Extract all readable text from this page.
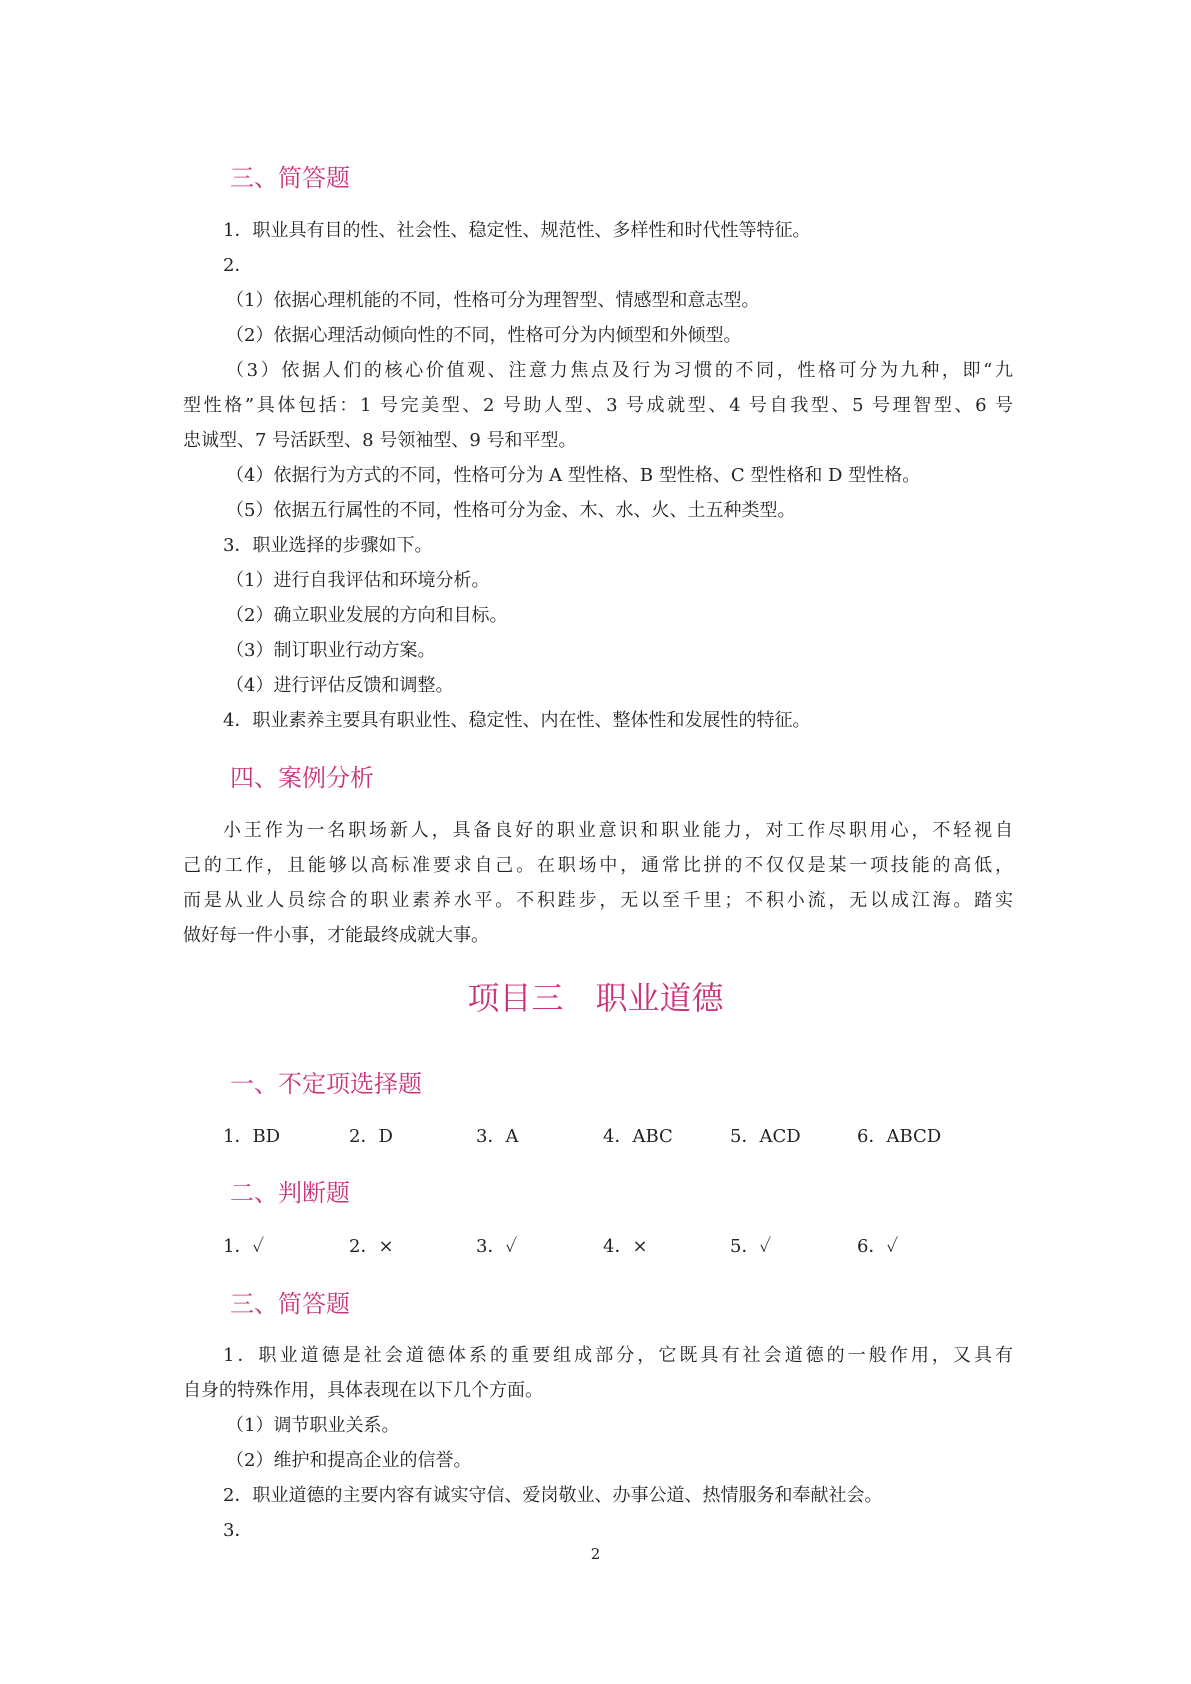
三、简答题
1．职业具有目的性、社会性、稳定性、规范性、多样性和时代性等特征。
2．
（1）依据心理机能的不同，性格可分为理智型、情感型和意志型。
（2）依据心理活动倾向性的不同，性格可分为内倾型和外倾型。
（3）依据人们的核心价值观、注意力焦点及行为习惯的不同，性格可分为九种，即“九
型性格”具体包括：1 号完美型、2 号助人型、3 号成就型、4 号自我型、5 号理智型、6 号
忠诚型、7 号活跃型、8 号领袖型、9 号和平型。
（4）依据行为方式的不同，性格可分为 A 型性格、B 型性格、C 型性格和 D 型性格。
（5）依据五行属性的不同，性格可分为金、木、水、火、土五种类型。
3．职业选择的步骤如下。
（1）进行自我评估和环境分析。
（2）确立职业发展的方向和目标。
（3）制订职业行动方案。
（4）进行评估反馈和调整。
4．职业素养主要具有职业性、稳定性、内在性、整体性和发展性的特征。
四、案例分析
小王作为一名职场新人，具备良好的职业意识和职业能力，对工作尽职用心，不轻视自
己的工作，且能够以高标准要求自己。在职场中，通常比拼的不仅仅是某一项技能的高低，
而是从业人员综合的职业素养水平。不积跬步，无以至千里；不积小流，无以成江海。踏实
做好每一件小事，才能最终成就大事。
项目三　职业道德
一、不定项选择题
1．BD	2．D	3．A	4．ABC	5．ACD	6．ABCD
二、判断题
1．✓	2．×	3．✓	4．×	5．✓	6．✓
三、简答题
1．职业道德是社会道德体系的重要组成部分，它既具有社会道德的一般作用，又具有
自身的特殊作用，具体表现在以下几个方面。
（1）调节职业关系。
（2）维护和提高企业的信誉。
2．职业道德的主要内容有诚实守信、爱岗敬业、办事公道、热情服务和奉献社会。
3．
2
